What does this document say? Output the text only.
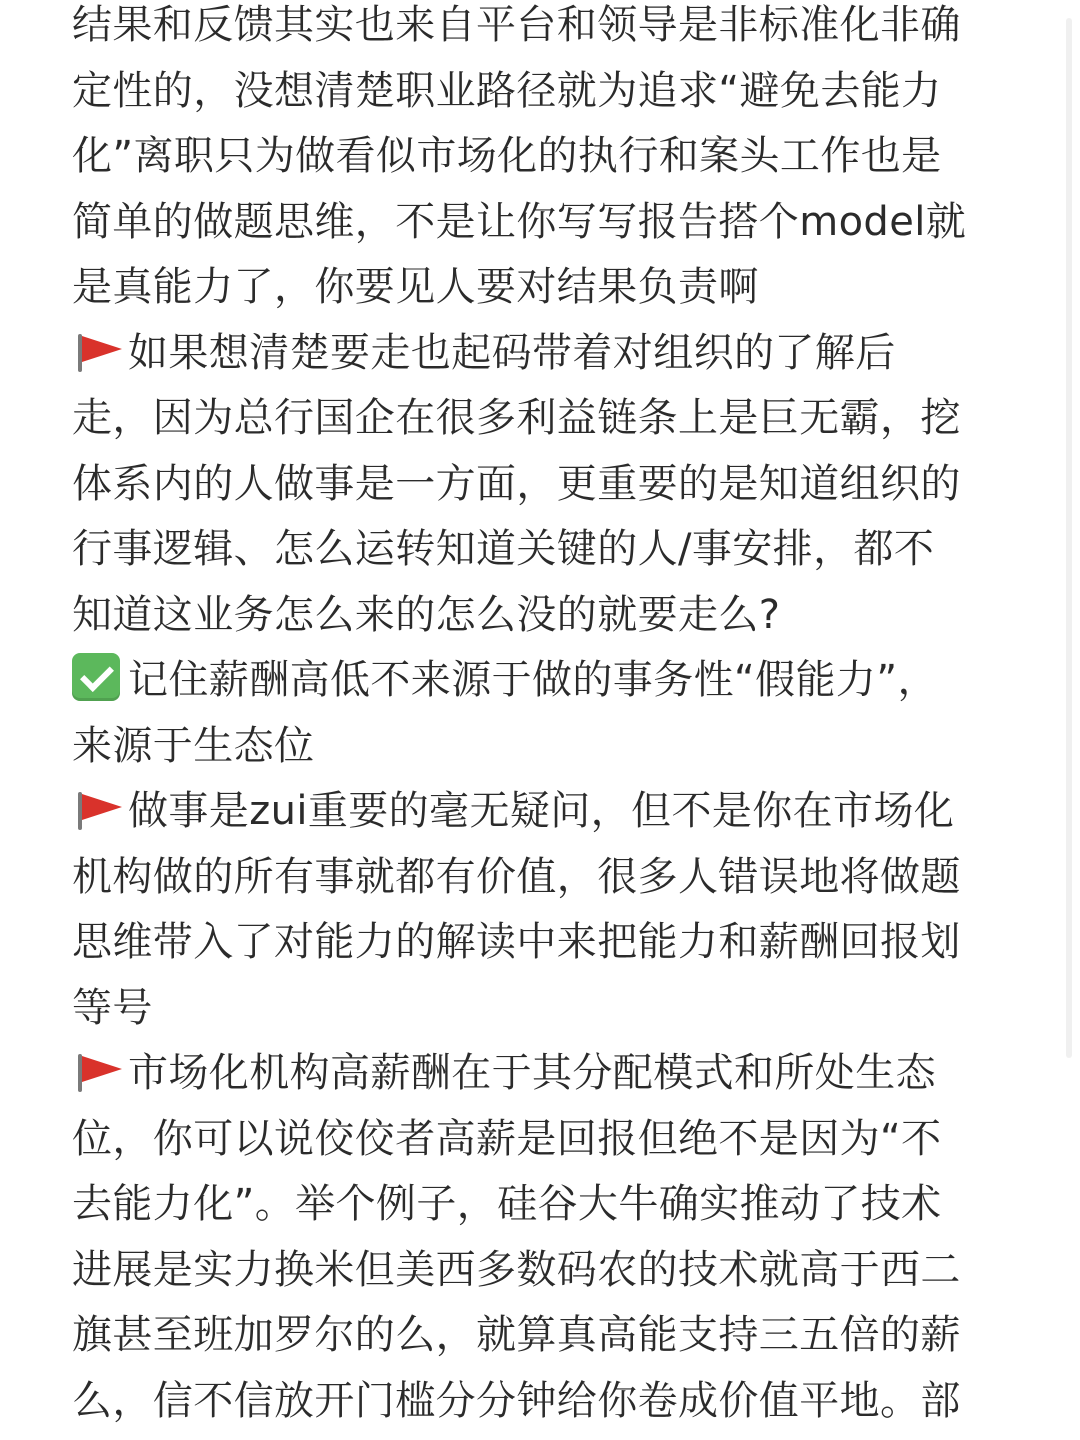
结果和反馈其实也来自平台和领导是非标准化非确
定性的，没想清楚职业路径就为追求“避免去能力
化”离职只为做看似市场化的执行和案头工作也是
简单的做题思维，不是让你写写报告搭个model就
是真能力了，你要见人要对结果负责啊
如果想清楚要走也起码带着对组织的了解后
走，因为总行国企在很多利益链条上是巨无霸，挖
体系内的人做事是一方面，更重要的是知道组织的
行事逻辑、怎么运转知道关键的人/事安排，都不
知道这业务怎么来的怎么没的就要走么?
记住薪酬高低不来源于做的事务性“假能力”，
来源于生态位
做事是zui重要的毫无疑问，但不是你在市场化
机构做的所有事就都有价值，很多人错误地将做题
思维带入了对能力的解读中来把能力和薪酬回报划
等号
市场化机构高薪酬在于其分配模式和所处生态
位，你可以说佼佼者高薪是回报但绝不是因为“不
去能力化”。举个例子，硅谷大牛确实推动了技术
进展是实力换米但美西多数码农的技术就高于西二
旗甚至班加罗尔的么，就算真高能支持三五倍的薪
么，信不信放开门槛分分钟给你卷成价值平地。部
